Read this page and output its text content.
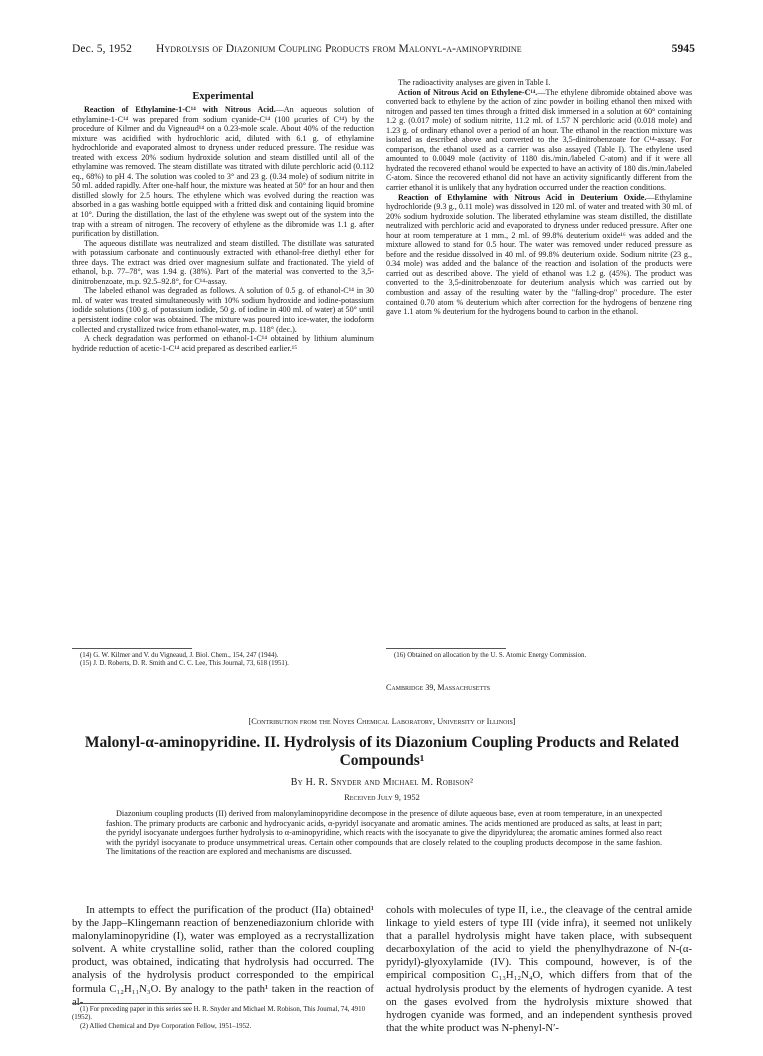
Dec. 5, 1952 Hydrolysis of Diazonium Coupling Products from Malonyl-α-aminopyridine	5945
Experimental

Reaction of Ethylamine-1-C¹⁴ with Nitrous Acid.—An aqueous solution of ethylamine-1-C¹⁴ was prepared from sodium cyanide-C¹⁴ (100 μcuries of C¹⁴) by the procedure of Kilmer and du Vigneaud¹⁴ on a 0.23-mole scale. About 40% of the reduction mixture was acidified with hydrochloric acid, diluted with 6.1 g. of ethylamine hydrochloride and evaporated almost to dryness under reduced pressure. The residue was treated with excess 20% sodium hydroxide solution and steam distilled until all of the ethylamine was removed. The steam distillate was titrated with dilute perchloric acid (0.112 eq., 68%) to pH 4. The solution was cooled to 3° and 23 g. (0.34 mole) of sodium nitrite in 50 ml. added rapidly. After one-half hour, the mixture was heated at 50° for an hour and then distilled slowly for 2.5 hours. The ethylene which was evolved during the reaction was absorbed in a gas washing bottle equipped with a fritted disk and containing liquid bromine at 10°. During the distillation, the last of the ethylene was swept out of the system into the trap with a stream of nitrogen. The recovery of ethylene as the dibromide was 1.1 g. after purification by distillation.

The aqueous distillate was neutralized and steam distilled. The distillate was saturated with potassium carbonate and continuously extracted with ethanol-free diethyl ether for three days. The extract was dried over magnesium sulfate and fractionated. The yield of ethanol, b.p. 77–78°, was 1.94 g. (38%). Part of the material was converted to the 3,5-dinitrobenzoate, m.p. 92.5–92.8°, for C¹⁴-assay.

The labeled ethanol was degraded as follows. A solution of 0.5 g. of ethanol-C¹⁴ in 30 ml. of water was treated simultaneously with 10% sodium hydroxide and iodine-potassium iodide solutions (100 g. of potassium iodide, 50 g. of iodine in 400 ml. of water) at 50° until a persistent iodine color was obtained. The mixture was poured into ice-water, the iodoform collected and crystallized twice from ethanol-water, m.p. 118° (dec.).

A check degradation was performed on ethanol-1-C¹⁴ obtained by lithium aluminum hydride reduction of acetic-1-C¹⁴ acid prepared as described earlier.¹⁵

The radioactivity analyses are given in Table I.

Action of Nitrous Acid on Ethylene-C¹⁴.—The ethylene dibromide obtained above was converted back to ethylene by the action of zinc powder in boiling ethanol then mixed with nitrogen and passed ten times through a fritted disk immersed in a solution at 60° containing 1.2 g. (0.017 mole) of sodium nitrite, 11.2 ml. of 1.57 N perchloric acid (0.018 mole) and 1.23 g. of ordinary ethanol over a period of an hour. The ethanol in the reaction mixture was isolated as described above and converted to the 3,5-dinitrobenzoate for C¹⁴-assay. For comparison, the ethanol used as a carrier was also assayed (Table I). The ethylene used amounted to 0.0049 mole (activity of 1180 dis./min./labeled C-atom) and if it were all hydrated the recovered ethanol would be expected to have an activity of 180 dis./min./labeled C-atom. Since the recovered ethanol did not have an activity significantly different from the carrier ethanol it is unlikely that any hydration occurred under the reaction conditions.

Reaction of Ethylamine with Nitrous Acid in Deuterium Oxide.—Ethylamine hydrochloride (9.3 g., 0.11 mole) was dissolved in 120 ml. of water and treated with 30 ml. of 20% sodium hydroxide solution. The liberated ethylamine was steam distilled, the distillate neutralized with perchloric acid and evaporated to dryness under reduced pressure. After one hour at room temperature at 1 mm., 2 ml. of 99.8% deuterium oxide¹⁶ was added and the mixture allowed to stand for 0.5 hour. The water was removed under reduced pressure as before and the residue dissolved in 40 ml. of 99.8% deuterium oxide. Sodium nitrite (23 g., 0.34 mole) was added and the balance of the reaction and isolation of the products were carried out as described above. The yield of ethanol was 1.2 g. (45%). The product was converted to the 3,5-dinitrobenzoate for deuterium analysis which was carried out by combustion and assay of the resulting water by the "falling-drop" procedure. The ester contained 0.70 atom % deuterium which after correction for the hydrogens of benzene ring gave 1.1 atom % deuterium for the hydrogens bound to carbon in the ethanol.

(14) G. W. Kilmer and V. du Vigneaud, J. Biol. Chem., 154, 247 (1944).

(15) J. D. Roberts, D. R. Smith and C. C. Lee, This Journal, 73, 618 (1951).

(16) Obtained on allocation by the U. S. Atomic Energy Commission.

Cambridge 39, Massachusetts
[Contribution from the Noyes Chemical Laboratory, University of Illinois]
Malonyl-α-aminopyridine. II. Hydrolysis of its Diazonium Coupling Products and Related Compounds¹
By H. R. Snyder and Michael M. Robison²
Received July 9, 1952
Diazonium coupling products (II) derived from malonylaminopyridine decompose in the presence of dilute aqueous base, even at room temperature, in an unexpected fashion. The primary products are carbonic and hydrocyanic acids, α-pyridyl isocyanate and aromatic amines. The acids mentioned are produced as salts, at least in part; the pyridyl isocyanate undergoes further hydrolysis to α-aminopyridine, which reacts with the isocyanate to give the dipyridylurea; the aromatic amines formed also react with the pyridyl isocyanate to produce unsymmetrical ureas. Certain other compounds that are closely related to the coupling products decompose in the same fashion. The limitations of the reaction are explored and mechanisms are discussed.
In attempts to effect the purification of the product (IIa) obtained¹ by the Japp–Klingemann reaction of benzenediazonium chloride with malonylaminopyridine (I), water was employed as a recrystallization solvent. A white crystalline solid, rather than the colored coupling product, was obtained, indicating that hydrolysis had occurred. The analysis of the hydrolysis product corresponded to the empirical formula C₁₂H₁₁N₃O. By analogy to the path¹ taken in the reaction of al-
cohols with molecules of type II, i.e., the cleavage of the central amide linkage to yield esters of type III (vide infra), it seemed not unlikely that a parallel hydrolysis might have taken place, with subsequent decarboxylation of the acid to yield the phenylhydrazone of N-(α-pyridyl)-glyoxylamide (IV). This compound, however, is of the empirical composition C₁₃H₁₂N₄O, which differs from that of the actual hydrolysis product by the elements of hydrogen cyanide. A test on the gases evolved from the hydrolysis mixture showed that hydrogen cyanide was formed, and an independent synthesis proved that the white product was N-phenyl-N′-

(1) For preceding paper in this series see H. R. Snyder and Michael M. Robison, This Journal, 74, 4910 (1952).

(2) Allied Chemical and Dye Corporation Fellow, 1951–1952.
